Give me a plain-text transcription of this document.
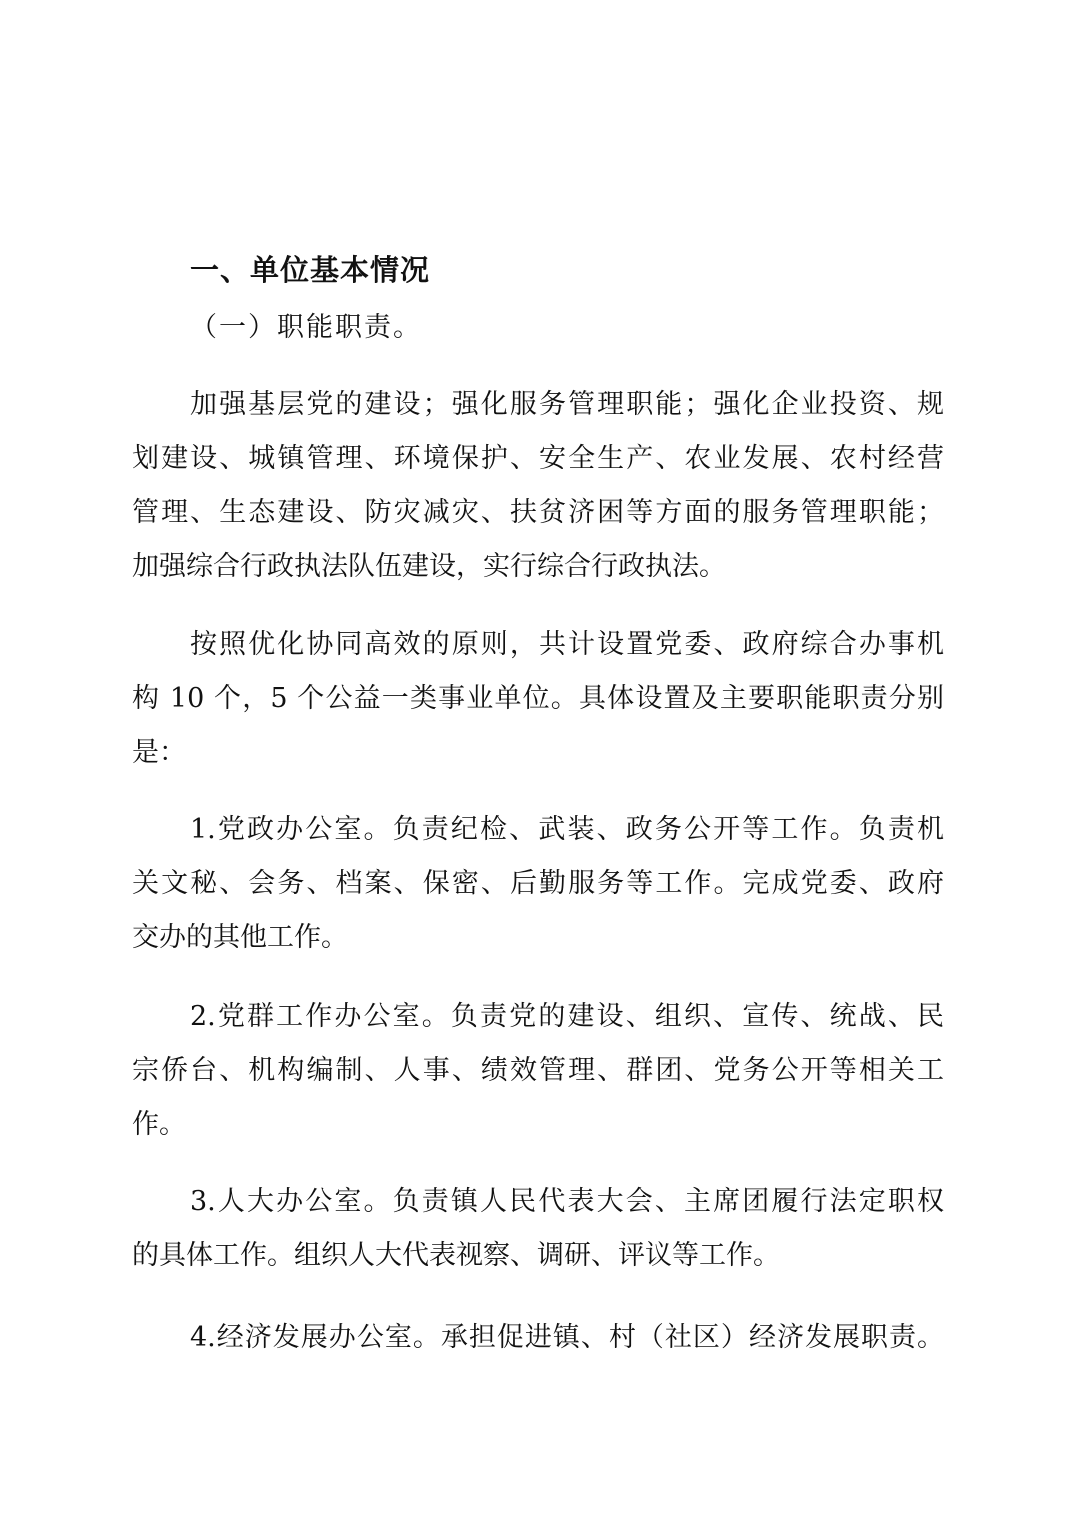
一、单位基本情况
（一）职能职责。
加强基层党的建设；强化服务管理职能；强化企业投资、规
划建设、城镇管理、环境保护、安全生产、农业发展、农村经营
管理、生态建设、防灾减灾、扶贫济困等方面的服务管理职能；
加强综合行政执法队伍建设，实行综合行政执法。
按照优化协同高效的原则，共计设置党委、政府综合办事机
构 10 个，5 个公益一类事业单位。具体设置及主要职能职责分别
是：
1.党政办公室。负责纪检、武装、政务公开等工作。负责机
关文秘、会务、档案、保密、后勤服务等工作。完成党委、政府
交办的其他工作。
2.党群工作办公室。负责党的建设、组织、宣传、统战、民
宗侨台、机构编制、人事、绩效管理、群团、党务公开等相关工
作。
3.人大办公室。负责镇人民代表大会、主席团履行法定职权
的具体工作。组织人大代表视察、调研、评议等工作。
4.经济发展办公室。承担促进镇、村（社区）经济发展职责。
